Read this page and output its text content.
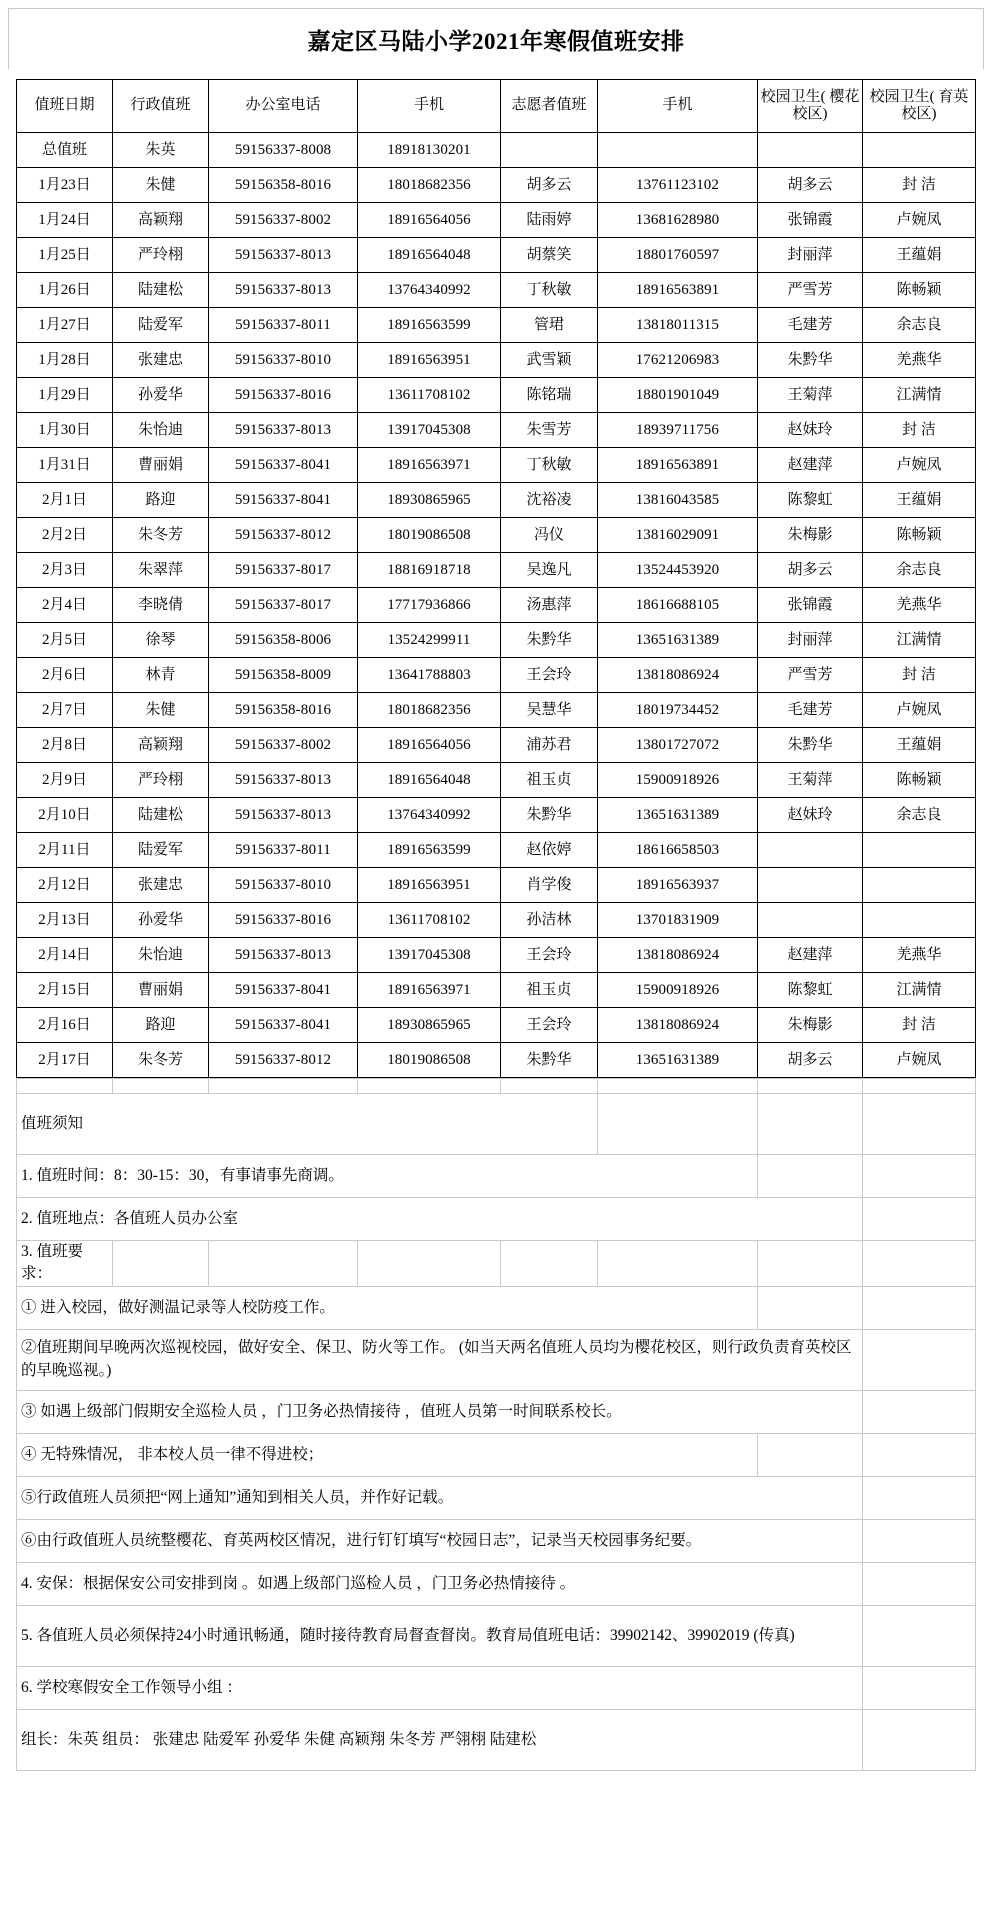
嘉定区马陆小学2021年寒假值班安排
值班日期	行政值班	办公室电话	手机	志愿者值班	手机	校园卫生( 樱花校区)	校园卫生( 育英校区)
总值班	朱英	59156337-8008	18918130201				
1月23日	朱健	59156358-8016	18018682356	胡多云	13761123102	胡多云	封 洁
1月24日	高颖翔	59156337-8002	18916564056	陆雨婷	13681628980	张锦霞	卢婉凤
1月25日	严玲栩	59156337-8013	18916564048	胡蔡笑	18801760597	封丽萍	王蕴娟
1月26日	陆建松	59156337-8013	13764340992	丁秋敏	18916563891	严雪芳	陈畅颖
1月27日	陆爱军	59156337-8011	18916563599	管珺	13818011315	毛建芳	余志良
1月28日	张建忠	59156337-8010	18916563951	武雪颖	17621206983	朱黔华	羌燕华
1月29日	孙爱华	59156337-8016	13611708102	陈铭瑞	18801901049	王菊萍	江满情
1月30日	朱怡迪	59156337-8013	13917045308	朱雪芳	18939711756	赵妹玲	封 洁
1月31日	曹丽娟	59156337-8041	18916563971	丁秋敏	18916563891	赵建萍	卢婉凤
2月1日	路迎	59156337-8041	18930865965	沈裕凌	13816043585	陈黎虹	王蕴娟
2月2日	朱冬芳	59156337-8012	18019086508	冯仪	13816029091	朱梅影	陈畅颖
2月3日	朱翠萍	59156337-8017	18816918718	吴逸凡	13524453920	胡多云	余志良
2月4日	李晓倩	59156337-8017	17717936866	汤惠萍	18616688105	张锦霞	羌燕华
2月5日	徐琴	59156358-8006	13524299911	朱黔华	13651631389	封丽萍	江满情
2月6日	林青	59156358-8009	13641788803	王会玲	13818086924	严雪芳	封 洁
2月7日	朱健	59156358-8016	18018682356	吴慧华	18019734452	毛建芳	卢婉凤
2月8日	高颖翔	59156337-8002	18916564056	浦苏君	13801727072	朱黔华	王蕴娟
2月9日	严玲栩	59156337-8013	18916564048	祖玉贞	15900918926	王菊萍	陈畅颖
2月10日	陆建松	59156337-8013	13764340992	朱黔华	13651631389	赵妹玲	余志良
2月11日	陆爱军	59156337-8011	18916563599	赵依婷	18616658503		
2月12日	张建忠	59156337-8010	18916563951	肖学俊	18916563937		
2月13日	孙爱华	59156337-8016	13611708102	孙洁林	13701831909		
2月14日	朱怡迪	59156337-8013	13917045308	王会玲	13818086924	赵建萍	羌燕华
2月15日	曹丽娟	59156337-8041	18916563971	祖玉贞	15900918926	陈黎虹	江满情
2月16日	路迎	59156337-8041	18930865965	王会玲	13818086924	朱梅影	封 洁
2月17日	朱冬芳	59156337-8012	18019086508	朱黔华	13651631389	胡多云	卢婉凤

值班须知							
1. 值班时间：8：30-15：30，有事请事先商调。							
2. 值班地点：各值班人员办公室							
3. 值班要求：							
① 进入校园，做好测温记录等人校防疫工作。							
②值班期间早晚两次巡视校园，做好安全、保卫、防火等工作。 (如当天两名值班人员均为樱花校区，则行政负责育英校区的早晚巡视。)							
③ 如遇上级部门假期安全巡检人员 ，门卫务必热情接待 ，值班人员第一时间联系校长。							
④ 无特殊情况， 非本校人员一律不得进校；							
⑤行政值班人员须把“网上通知”通知到相关人员，并作好记载。							
⑥由行政值班人员统整樱花、育英两校区情况，进行钉钉填写“校园日志”，记录当天校园事务纪要。							
4. 安保：根据保安公司安排到岗 。如遇上级部门巡检人员 ，门卫务必热情接待 。							
5. 各值班人员必须保持24小时通讯畅通，随时接待教育局督查督岗。教育局值班电话：39902142、39902019 (传真)							
6. 学校寒假安全工作领导小组 ：							
组长：朱英 组员： 张建忠 陆爱军 孙爱华 朱健 高颖翔 朱冬芳 严翎栩 陆建松							
